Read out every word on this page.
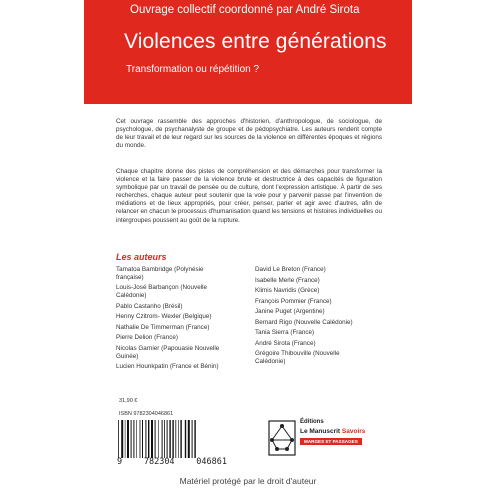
Ouvrage collectif coordonné par André Sirota
Violences entre générations
Transformation ou répétition ?

Cet ouvrage rassemble des approches d'historien, d'anthropologue, de sociologue, de psychologue, de psychanalyste de groupe et de pédopsychiatre. Les auteurs rendent compte de leur travail et de leur regard sur les sources de la violence en différentes époques et régions du monde.

Chaque chapitre donne des pistes de compréhension et des démarches pour transformer la violence et la faire passer de la violence brute et destructrice à des capacités de figuration symbolique par un travail de pensée ou de culture, dont l'expression artistique. À partir de ses recherches, chaque auteur peut soutenir que la voie pour y parvenir passe par l'invention de médiations et de lieux appropriés, pour créer, penser, parler et agir avec d'autres, afin de relancer en chacun le processus d'humanisation quand les tensions et histoires individuelles ou intergroupes poussent au goût de la rupture.

Les auteurs
Tamatoa Bambridge (Polynésie française)
Louis-José Barbançon (Nouvelle Calédonie)
Pablo Castanho (Brésil)
Henny Czitrom- Wexler (Belgique)
Nathalie De Timmerman (France)
Pierre Delion (France)
Nicolas Garnier (Papouasie Nouvelle Guinée)
Lucien Hounkpatin (France et Bénin)
David Le Breton (France)
Isabelle Merle (France)
Klimis Navridis (Grèce)
François Pommier (France)
Janine Puget (Argentine)
Bernard Rigo (Nouvelle Calédonie)
Tania Sierra (France)
André Sirota (France)
Grégoire Thibouville (Nouvelle Calédonie)
31,90 €
ISBN 9782304046861
9	782304	046861
Éditions
Le Manuscrit Savoirs
MARGES ET PASSAGES
Matériel protégé par le droit d'auteur
